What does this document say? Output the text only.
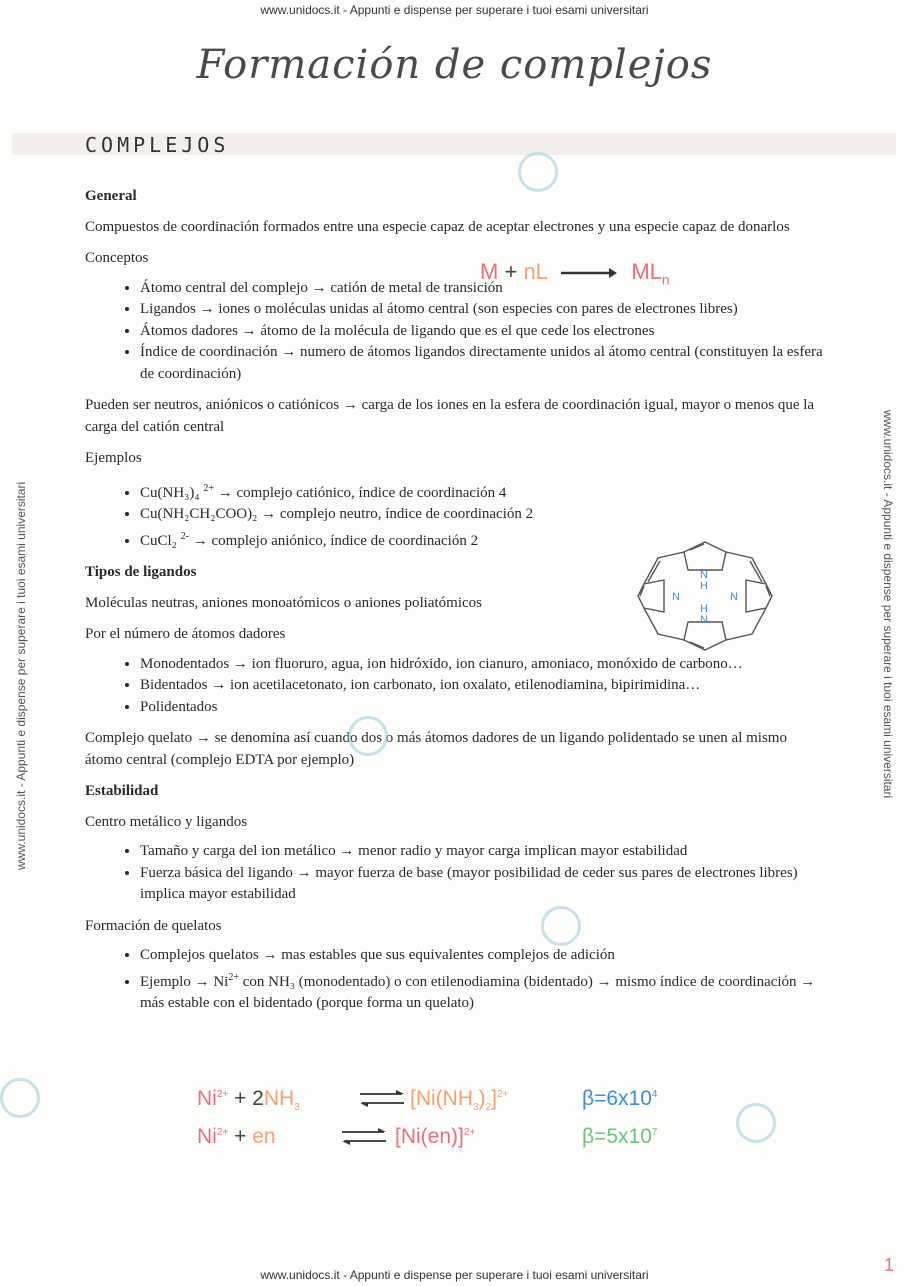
www.unidocs.it - Appunti e dispense per superare i tuoi esami universitari
www.unidocs.it - Appunti e dispense per superare i tuoi esami universitari	www.unidocs.it - Appunti e dispense per superare i tuoi esami universitari
Formación de complejos
COMPLEJOS
M + nL	$ML_n$

General

Compuestos de coordinación formados entre una especie capaz de aceptar electrones y una especie capaz de donarlos

Conceptos

• Átomo central del complejo → catión de metal de transición
• Ligandos → iones o moléculas unidas al átomo central (son especies con pares de electrones libres)
• Átomos dadores → átomo de la molécula de ligando que es el que cede los electrones
• Índice de coordinación → numero de átomos ligandos directamente unidos al átomo central (constituyen la esfera de coordinación)

Pueden ser neutros, aniónicos o catiónicos → carga de los iones en la esfera de coordinación igual, mayor o menos que la carga del catión central

Ejemplos

• Cu(NH₃)₄ $^{2+}$ → complejo catiónico, índice de coordinación 4
• Cu(NH₂CH₂COO)₂ → complejo neutro, índice de coordinación 2
• CuCl₂ $^{2-}$ → complejo aniónico, índice de coordinación 2

Tipos de ligandos

Moléculas neutras, aniones monoatómicos o aniones poliatómicos

Por el número de átomos dadores

• Monodentados → ion fluoruro, agua, ion hidróxido, ion cianuro, amoniaco, monóxido de carbono…
• Bidentados → ion acetilacetonato, ion carbonato, ion oxalato, etilenodiamina, bipirimidina…
• Polidentados

Complejo quelato → se denomina así cuando dos o más átomos dadores de un ligando polidentado se unen al mismo átomo central (complejo EDTA por ejemplo)

Estabilidad

Centro metálico y ligandos

• Tamaño y carga del ion metálico → menor radio y mayor carga implican mayor estabilidad
• Fuerza básica del ligando → mayor fuerza de base (mayor posibilidad de ceder sus pares de electrones libres) implica mayor estabilidad

Formación de quelatos

• Complejos quelatos → mas estables que sus equivalentes complejos de adición
• Ejemplo → $Ni^{2+}$ con NH₃ (monodentado) o con etilenodiamina (bidentado) → mismo índice de coordinación → más estable con el bidentado (porque forma un quelato)
N
H
N	N
H
N
$Ni^{2+} + 2NH_3$	⇌ $[Ni(NH_3)_2]^{2+}$	$\beta=6x10^4$
$Ni^{2+}$ + en	⇌ $[Ni(en)]^{2+}$	$\beta=5x10^7$
1
www.unidocs.it - Appunti e dispense per superare i tuoi esami universitari
